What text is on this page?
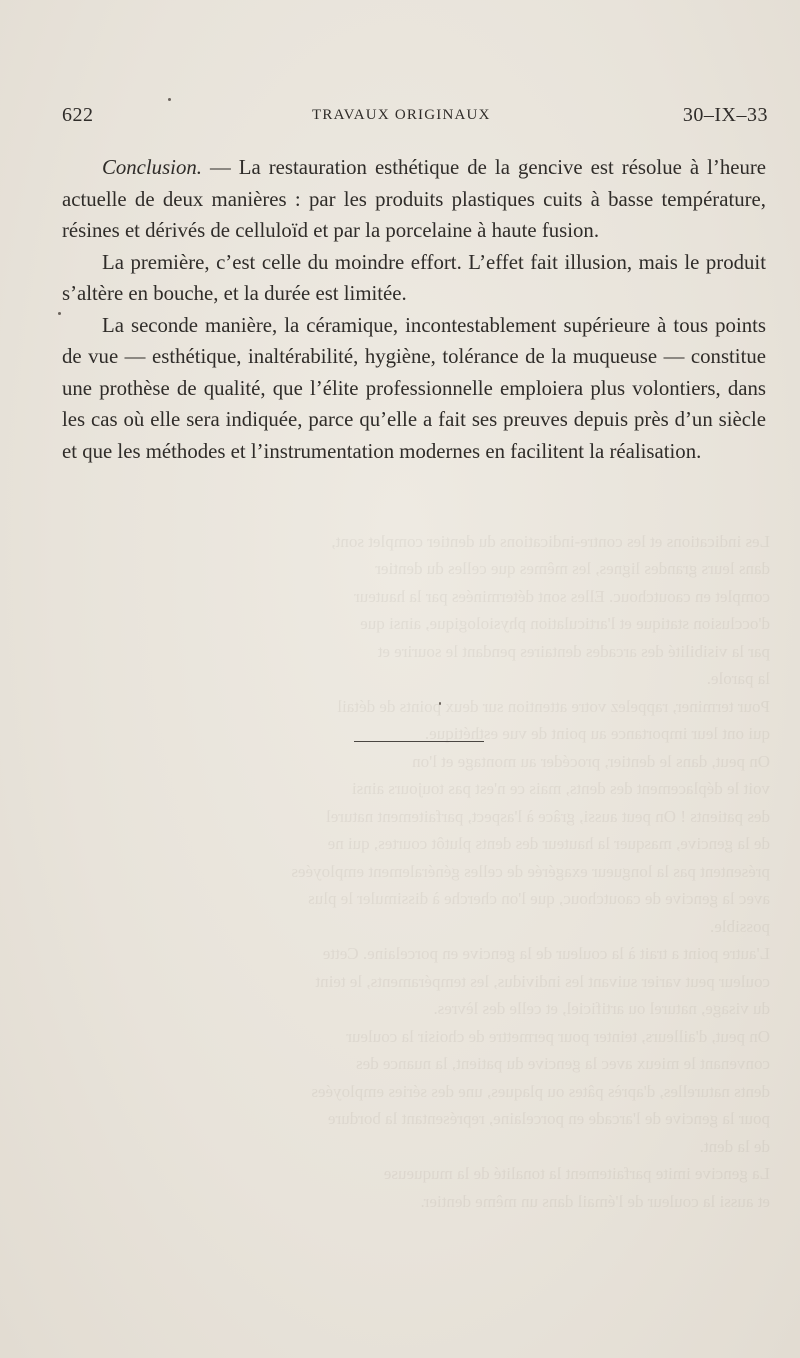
Les indications et les contre-indications du dentier complet sont,
dans leurs grandes lignes, les mêmes que celles du dentier
complet en caoutchouc. Elles sont déterminées par la hauteur
d'occlusion statique et l'articulation physiologique, ainsi que
par la visibilité des arcades dentaires pendant le sourire et
la parole.
Pour terminer, rappelez votre attention sur deux points de détail
qui ont leur importance au point de vue esthétique.
On peut, dans le dentier, procéder au montage et l'on
voit le déplacement des dents, mais ce n'est pas toujours ainsi
des patients ! On peut aussi, grâce à l'aspect, parfaitement naturel
de la gencive, masquer la hauteur des dents plutôt courtes, qui ne
présentent pas la longueur exagérée de celles généralement employées
avec la gencive de caoutchouc, que l'on cherche à dissimuler le plus
possible.
L'autre point a trait à la couleur de la gencive en porcelaine. Cette
couleur peut varier suivant les individus, les tempéraments, le teint
du visage, naturel ou artificiel, et celle des lèvres.
On peut, d'ailleurs, teinter pour permettre de choisir la couleur
convenant le mieux avec la gencive du patient, la nuance des
dents naturelles, d'après pâtes ou plaques, une des séries employées
pour la gencive de l'arcade en porcelaine, représentant la bordure
de la dent.
La gencive imite parfaitement la tonalité de la muqueuse
et aussi la couleur de l'émail dans un même dentier.

622	TRAVAUX ORIGINAUX	30–IX–33

Conclusion. — La restauration esthétique de la gencive est résolue à l’heure actuelle de deux manières : par les produits plastiques cuits à basse température, résines et dérivés de celluloïd et par la porcelaine à haute fusion.

La première, c’est celle du moindre effort. L’effet fait illusion, mais le produit s’altère en bouche, et la durée est limitée.

La seconde manière, la céramique, incontestablement supérieure à tous points de vue — esthétique, inaltérabilité, hygiène, tolérance de la muqueuse — constitue une prothèse de qualité, que l’élite professionnelle emploiera plus volontiers, dans les cas où elle sera indiquée, parce qu’elle a fait ses preuves depuis près d’un siècle et que les méthodes et l’instrumentation modernes en facilitent la réalisation.
